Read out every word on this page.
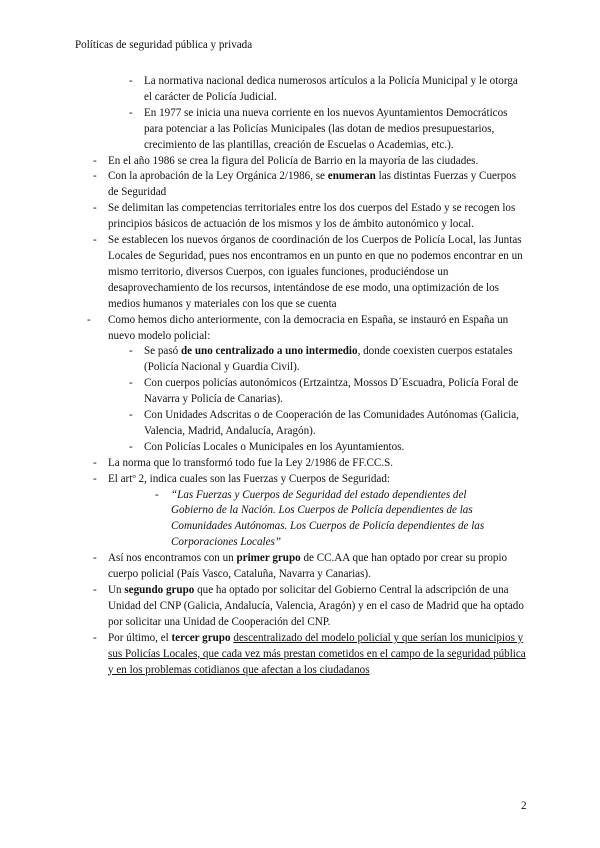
Políticas de seguridad pública y privada

- La normativa nacional dedica numerosos artículos a la Policía Municipal y le otorga el carácter de Policía Judicial.

- En 1977 se inicia una nueva corriente en los nuevos Ayuntamientos Democráticos para potenciar a las Policías Municipales (las dotan de medios presupuestarios, crecimiento de las plantillas, creación de Escuelas o Academias, etc.).

- En el año 1986 se crea la figura del Policía de Barrio en la mayoría de las ciudades.

- Con la aprobación de la Ley Orgánica 2/1986, se enumeran las distintas Fuerzas y Cuerpos de Seguridad

- Se delimitan las competencias territoriales entre los dos cuerpos del Estado y se recogen los principios básicos de actuación de los mismos y los de ámbito autonómico y local.

- Se establecen los nuevos órganos de coordinación de los Cuerpos de Policía Local, las Juntas Locales de Seguridad, pues nos encontramos en un punto en que no podemos encontrar en un mismo territorio, diversos Cuerpos, con iguales funciones, produciéndose un desaprovechamiento de los recursos, intentándose de ese modo, una optimización de los medios humanos y materiales con los que se cuenta

- Como hemos dicho anteriormente, con la democracia en España, se instauró en España un nuevo modelo policial:

- Se pasó de uno centralizado a uno intermedio, donde coexisten cuerpos estatales (Policía Nacional y Guardia Civil).

- Con cuerpos policías autonómicos (Ertzaintza, Mossos D´Escuadra, Policía Foral de Navarra y Policía de Canarias).

- Con Unidades Adscritas o de Cooperación de las Comunidades Autónomas (Galicia, Valencia, Madrid, Andalucía, Aragón).

- Con Policías Locales o Municipales en los Ayuntamientos.

- La norma que lo transformó todo fue la Ley 2/1986 de FF.CC.S.

- El artº 2, indica cuales son las Fuerzas y Cuerpos de Seguridad:

- “Las Fuerzas y Cuerpos de Seguridad del estado dependientes del Gobierno de la Nación. Los Cuerpos de Policía dependientes de las Comunidades Autónomas. Los Cuerpos de Policía dependientes de las Corporaciones Locales”

- Así nos encontramos con un primer grupo de CC.AA que han optado por crear su propio cuerpo policial (País Vasco, Cataluña, Navarra y Canarias).

- Un segundo grupo que ha optado por solicitar del Gobierno Central la adscripción de una Unidad del CNP (Galicia, Andalucía, Valencia, Aragón) y en el caso de Madrid que ha optado por solicitar una Unidad de Cooperación del CNP.

- Por último, el tercer grupo descentralizado del modelo policial y que serían los municipios y sus Policías Locales, que cada vez más prestan cometidos en el campo de la seguridad pública y en los problemas cotidianos que afectan a los ciudadanos

2
